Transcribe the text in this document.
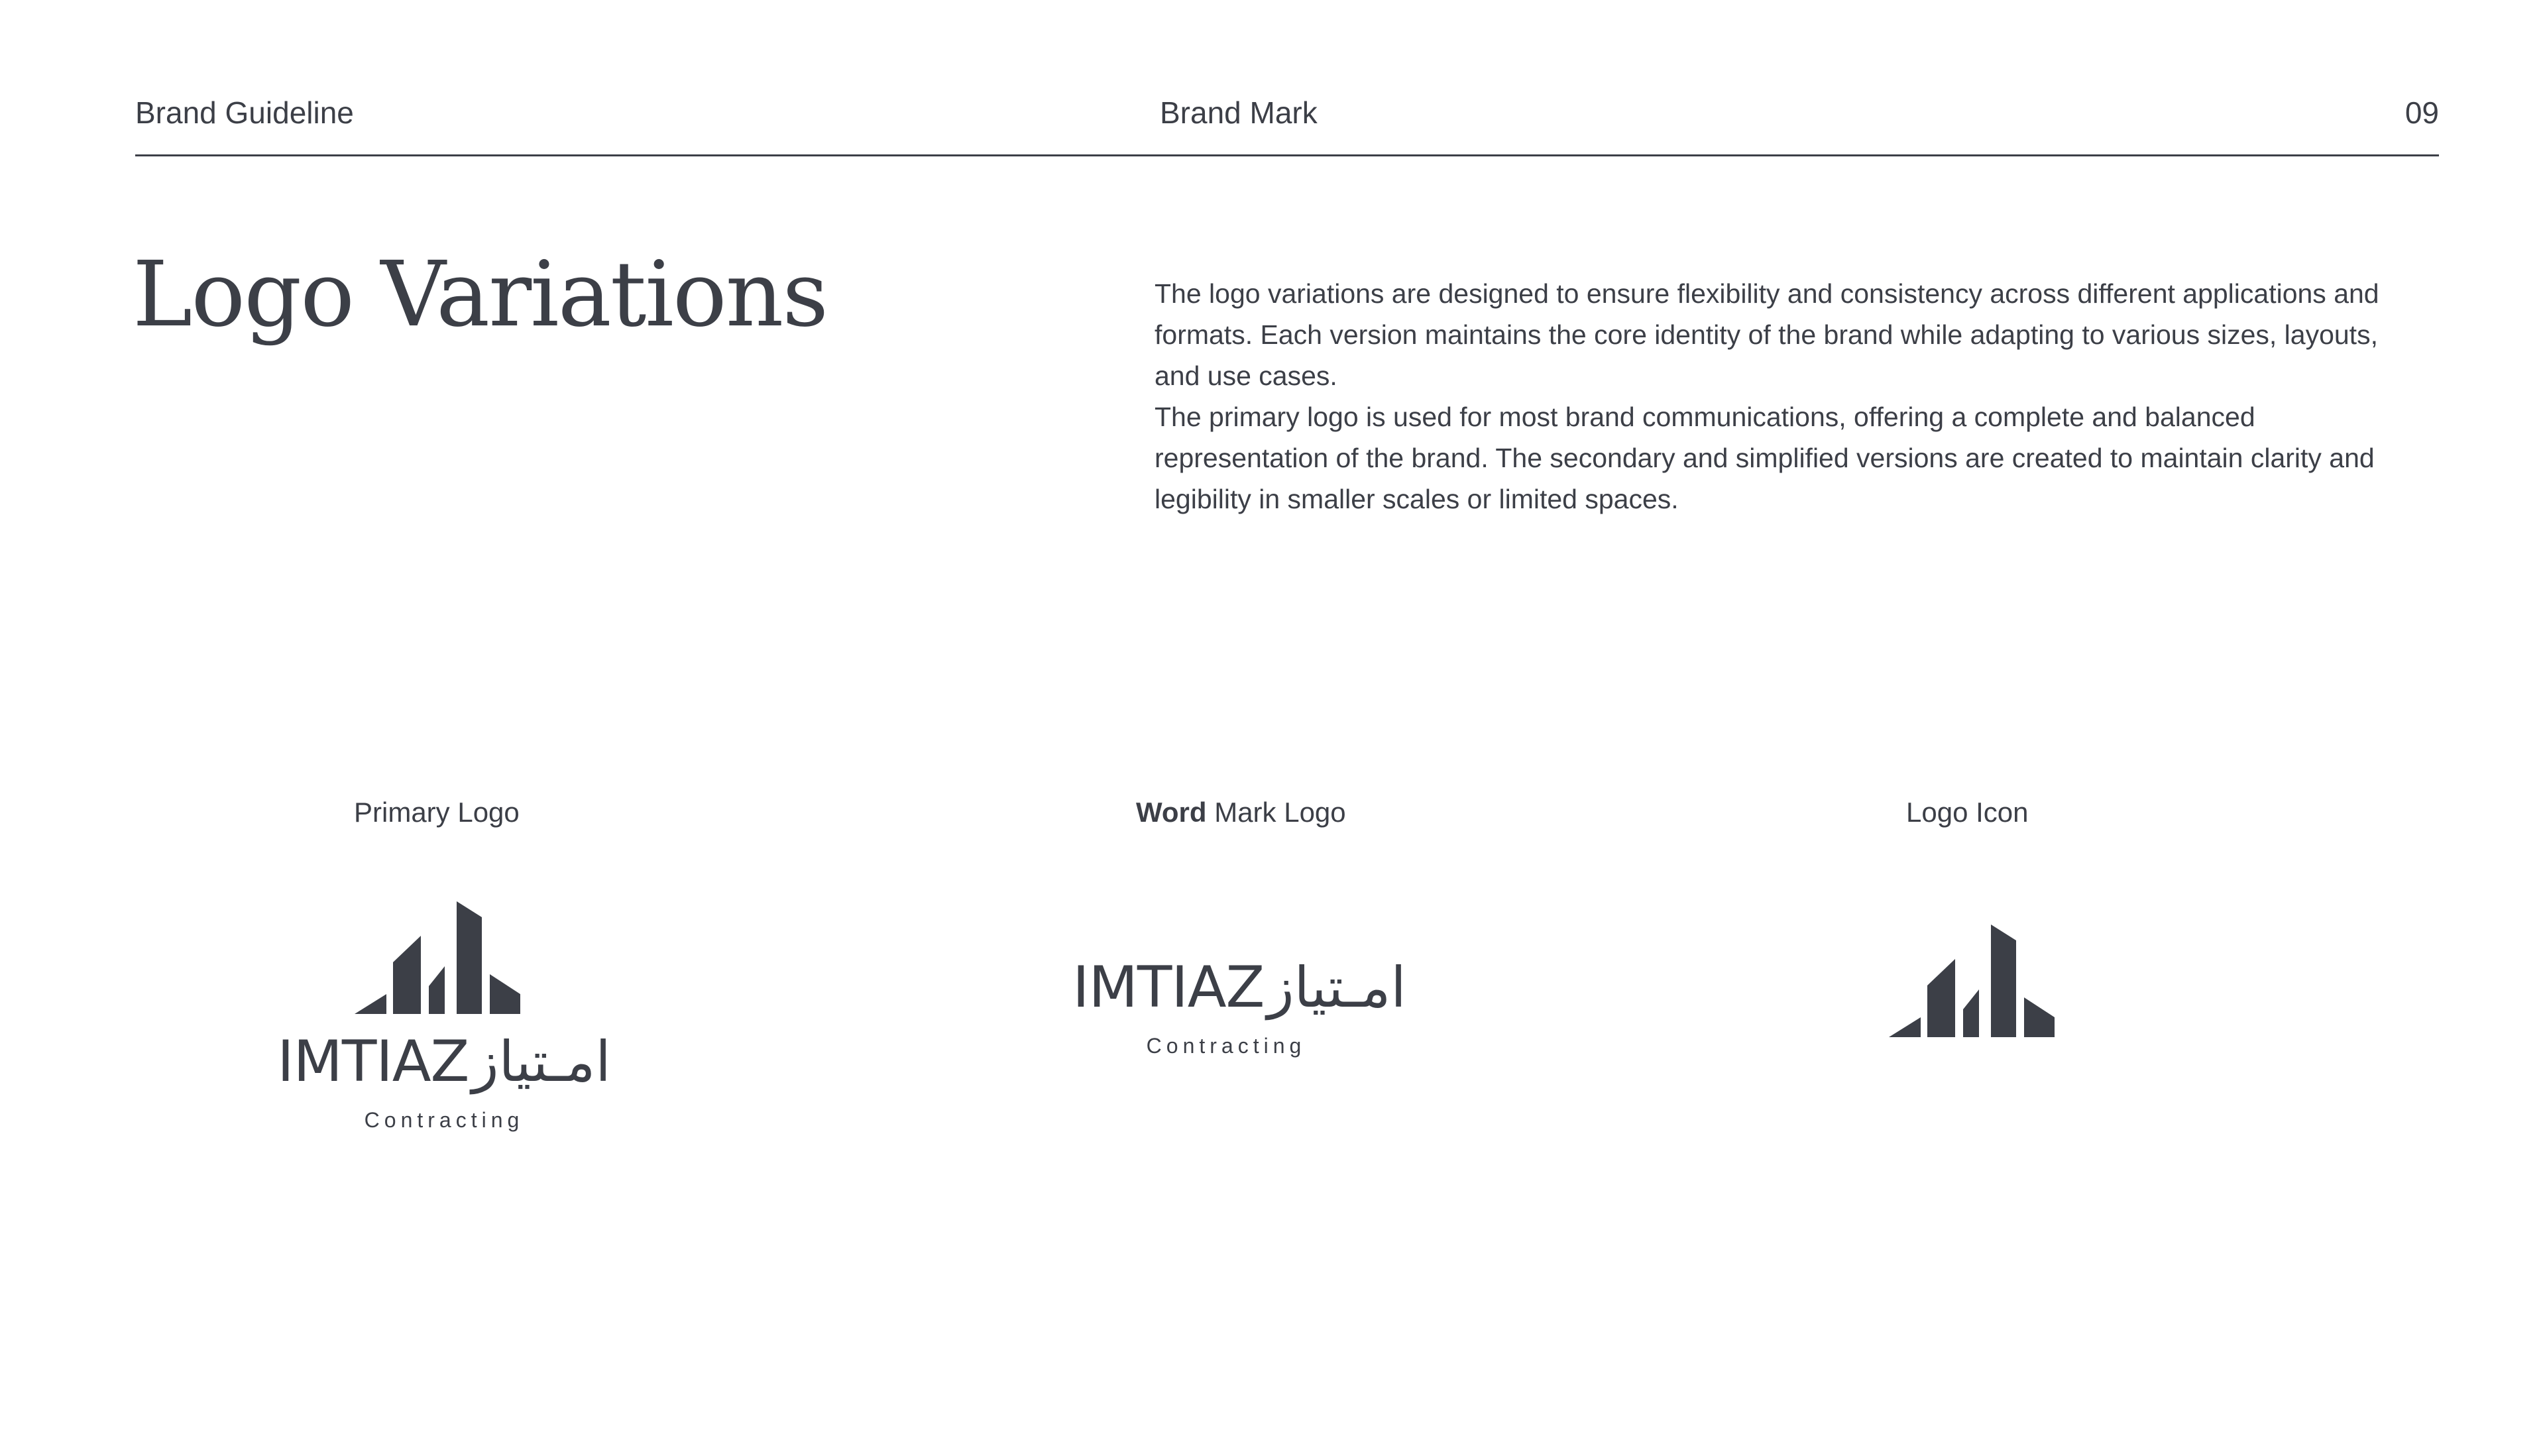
Brand Guideline	Brand Mark	09
Logo Variations	The logo variations are designed to ensure flexibility and consistency across different applications and formats. Each version maintains the core identity of the brand while adapting to various sizes, layouts, and use cases.

The primary logo is used for most brand communications, offering a complete and balanced representation of the brand. The secondary and simplified versions are created to maintain clarity and legibility in smaller scales or limited spaces.

Primary Logo	Word Mark Logo	Logo Icon
IMTIAZ امـتياز
Contracting
IMTIAZ امـتياز
Contracting
